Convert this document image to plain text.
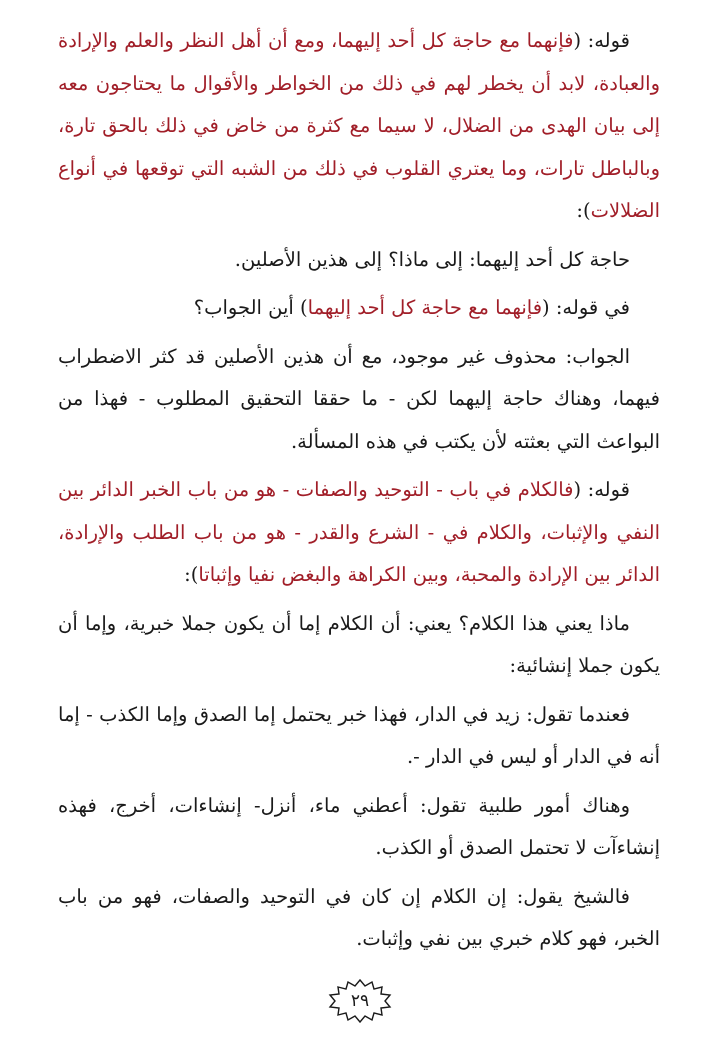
قوله: (فإنهما مع حاجة كل أحد إليهما، ومع أن أهل النظر والعلم والإرادة والعبادة، لابد أن يخطر لهم في ذلك من الخواطر والأقوال ما يحتاجون معه إلى بيان الهدى من الضلال، لا سيما مع كثرة من خاض في ذلك بالحق تارة، وبالباطل تارات، وما يعتري القلوب في ذلك من الشبه التي توقعها في أنواع الضلالات):

حاجة كل أحد إليهما: إلى ماذا؟ إلى هذين الأصلين.

في قوله: (فإنهما مع حاجة كل أحد إليهما) أين الجواب؟

الجواب: محذوف غير موجود، مع أن هذين الأصلين قد كثر الاضطراب فيهما، وهناك حاجة إليهما لكن - ما حققا التحقيق المطلوب - فهذا من البواعث التي بعثته لأن يكتب في هذه المسألة.

قوله: (فالكلام في باب - التوحيد والصفات - هو من باب الخبر الدائر بين النفي والإثبات، والكلام في - الشرع والقدر - هو من باب الطلب والإرادة، الدائر بين الإرادة والمحبة، وبين الكراهة والبغض نفيا وإثباتا):

ماذا يعني هذا الكلام؟ يعني: أن الكلام إما أن يكون جملا خبرية، وإما أن يكون جملا إنشائية:

فعندما تقول: زيد في الدار، فهذا خبر يحتمل إما الصدق وإما الكذب - إما أنه في الدار أو ليس في الدار -.

وهناك أمور طلبية تقول: أعطني ماء، أنزل- إنشاءات، أخرج، فهذه إنشاءآت لا تحتمل الصدق أو الكذب.

فالشيخ يقول: إن الكلام إن كان في التوحيد والصفات، فهو من باب الخبر، فهو كلام خبري بين نفي وإثبات.

٢٩
